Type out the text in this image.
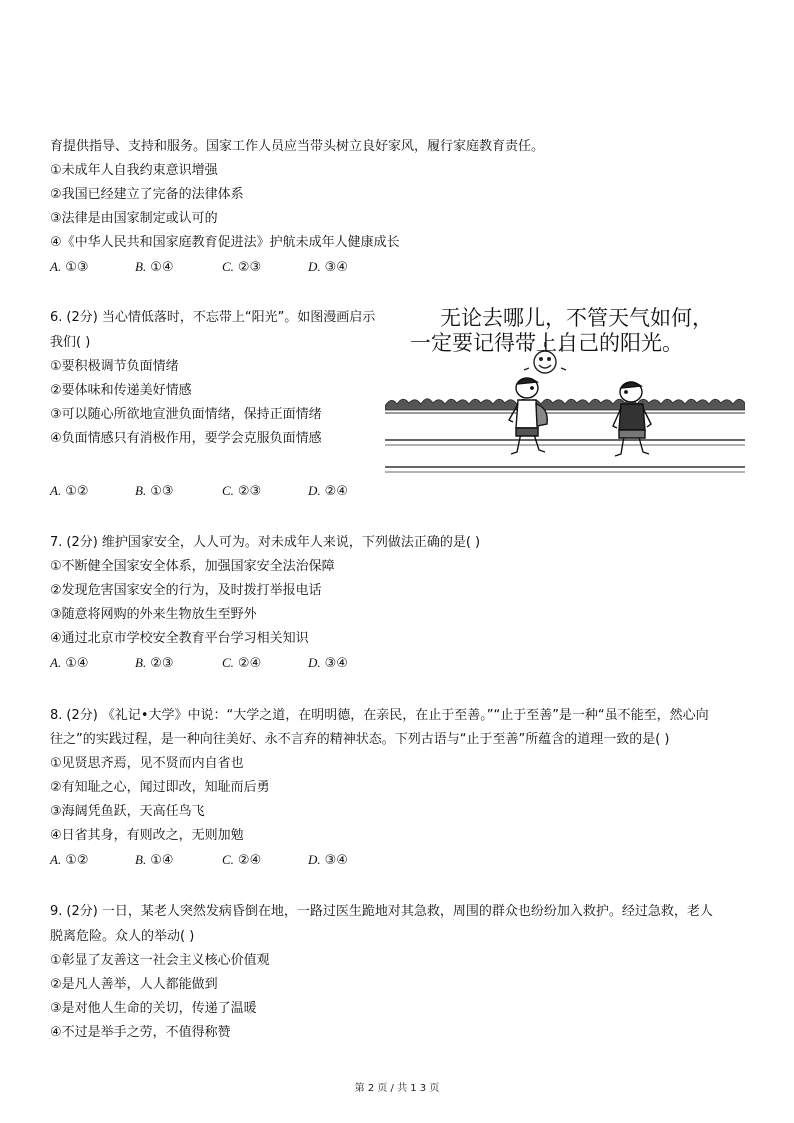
育提供指导、支持和服务。国家工作人员应当带头树立良好家风，履行家庭教育责任。
①未成年人自我约束意识增强
②我国已经建立了完备的法律体系
③法律是由国家制定或认可的
④《中华人民共和国家庭教育促进法》护航未成年人健康成长
A. ①③	B. ①④	C. ②③	D. ③④
6. (2分) 当心情低落时，不忘带上“阳光”。如图漫画启示
我们( )
①要积极调节负面情绪
②要体味和传递美好情感
③可以随心所欲地宣泄负面情绪，保持正面情绪
④负面情感只有消极作用，要学会克服负面情感
无论去哪儿，不管天气如何，
一定要记得带上自己的阳光。
A. ①②	B. ①③	C. ②③	D. ②④
7. (2分) 维护国家安全，人人可为。对未成年人来说，下列做法正确的是( )
①不断健全国家安全体系，加强国家安全法治保障
②发现危害国家安全的行为，及时拨打举报电话
③随意将网购的外来生物放生至野外
④通过北京市学校安全教育平台学习相关知识
A. ①④	B. ②③	C. ②④	D. ③④
8. (2分) 《礼记•大学》中说：“大学之道，在明明德，在亲民，在止于至善。”“止于至善”是一种“虽不能至，然心向
往之”的实践过程，是一种向往美好、永不言弃的精神状态。下列古语与“止于至善”所蕴含的道理一致的是( )
①见贤思齐焉，见不贤而内自省也
②有知耻之心，闻过即改，知耻而后勇
③海阔凭鱼跃，天高任鸟飞
④日省其身，有则改之，无则加勉
A. ①②	B. ①④	C. ②④	D. ③④
9. (2分) 一日，某老人突然发病昏倒在地，一路过医生跪地对其急救，周围的群众也纷纷加入救护。经过急救，老人
脱离危险。众人的举动( )
①彰显了友善这一社会主义核心价值观
②是凡人善举，人人都能做到
③是对他人生命的关切，传递了温暖
④不过是举手之劳，不值得称赞
第 2 页 / 共 1 3 页
